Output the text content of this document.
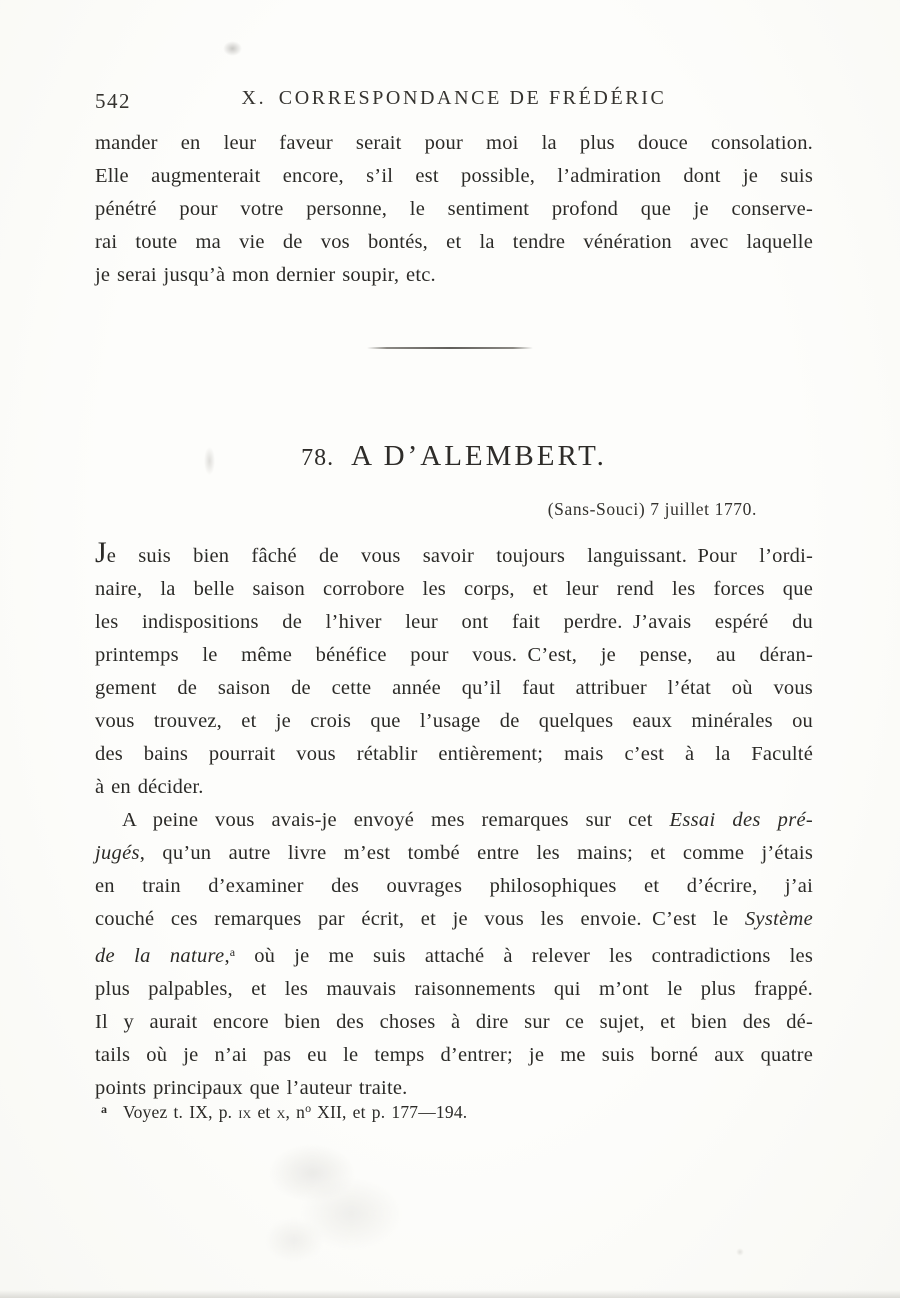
542	X. CORRESPONDANCE DE FRÉDÉRIC
mander en leur faveur serait pour moi la plus douce consolation.
Elle augmenterait encore, s’il est possible, l’admiration dont je suis
pénétré pour votre personne, le sentiment profond que je conserve-
rai toute ma vie de vos bontés, et la tendre vénération avec laquelle
je serai jusqu’à mon dernier soupir, etc.
78. A D’ALEMBERT.
(Sans-Souci) 7 juillet 1770.
Je suis bien fâché de vous savoir toujours languissant. Pour l’ordi-
naire, la belle saison corrobore les corps, et leur rend les forces que
les indispositions de l’hiver leur ont fait perdre. J’avais espéré du
printemps le même bénéfice pour vous. C’est, je pense, au déran-
gement de saison de cette année qu’il faut attribuer l’état où vous
vous trouvez, et je crois que l’usage de quelques eaux minérales ou
des bains pourrait vous rétablir entièrement; mais c’est à la Faculté
à en décider.
A peine vous avais-je envoyé mes remarques sur cet Essai des pré-
jugés, qu’un autre livre m’est tombé entre les mains; et comme j’étais
en train d’examiner des ouvrages philosophiques et d’écrire, j’ai
couché ces remarques par écrit, et je vous les envoie. C’est le Système
de la nature,$^a$ où je me suis attaché à relever les contradictions les
plus palpables, et les mauvais raisonnements qui m’ont le plus frappé.
Il y aurait encore bien des choses à dire sur ce sujet, et bien des dé-
tails où je n’ai pas eu le temps d’entrer; je me suis borné aux quatre
points principaux que l’auteur traite.
$^a$ Voyez t. IX, p. ix et x, $n^o$ XII, et p. 177—194.
